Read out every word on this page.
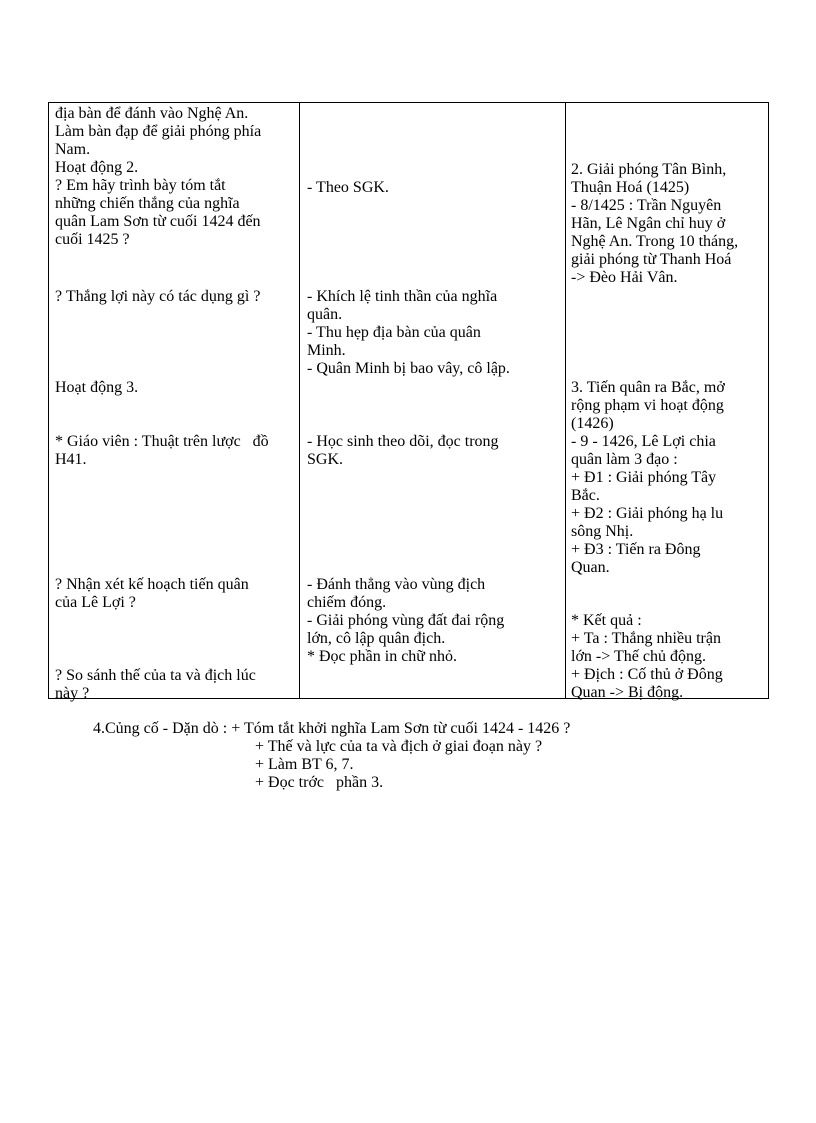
địa bàn để đánh vào Nghệ An.
Làm bàn đạp để giải phóng phía
Nam.
Hoạt động 2.
? Em hãy trình bày tóm tắt
những chiến thắng của nghĩa
quân Lam Sơn từ cuối 1424 đến
cuối 1425 ?
? Thắng lợi này có tác dụng gì ?
Hoạt động 3.
* Giáo viên : Thuật trên lược   đồ
H41.
? Nhận xét kế hoạch tiến quân
của Lê Lợi ?
? So sánh thế của ta và địch lúc
này ?
- Theo SGK.
- Khích lệ tinh thần của nghĩa
quân.
- Thu hẹp địa bàn của quân
Minh.
- Quân Minh bị bao vây, cô lập.
- Học sinh theo dõi, đọc trong
SGK.
- Đánh thẳng vào vùng địch
chiếm đóng.
- Giải phóng vùng đất đai rộng
lớn, cô lập quân địch.
* Đọc phần in chữ nhỏ.
2. Giải phóng Tân Bình,
Thuận Hoá (1425)
- 8/1425 : Trần Nguyên
Hãn, Lê Ngân chỉ huy ở
Nghệ An. Trong 10 tháng,
giải phóng từ Thanh Hoá
-> Đèo Hải Vân.
3. Tiến quân ra Bắc, mở
rộng phạm vi hoạt động
(1426)
- 9 - 1426, Lê Lợi chia
quân làm 3 đạo :
+ Đ1 : Giải phóng Tây
Bắc.
+ Đ2 : Giải phóng hạ lu
sông Nhị.
+ Đ3 : Tiến ra Đông
Quan.
* Kết quả :
+ Ta : Thắng nhiều trận
lớn -> Thế chủ động.
+ Địch : Cố thủ ở Đông
Quan -> Bị động.
4.Củng cố - Dặn dò : + Tóm tắt khởi nghĩa Lam Sơn từ cuối 1424 - 1426 ?
+ Thế và lực của ta và địch ở giai đoạn này ?
+ Làm BT 6, 7.
+ Đọc trớc   phần 3.
